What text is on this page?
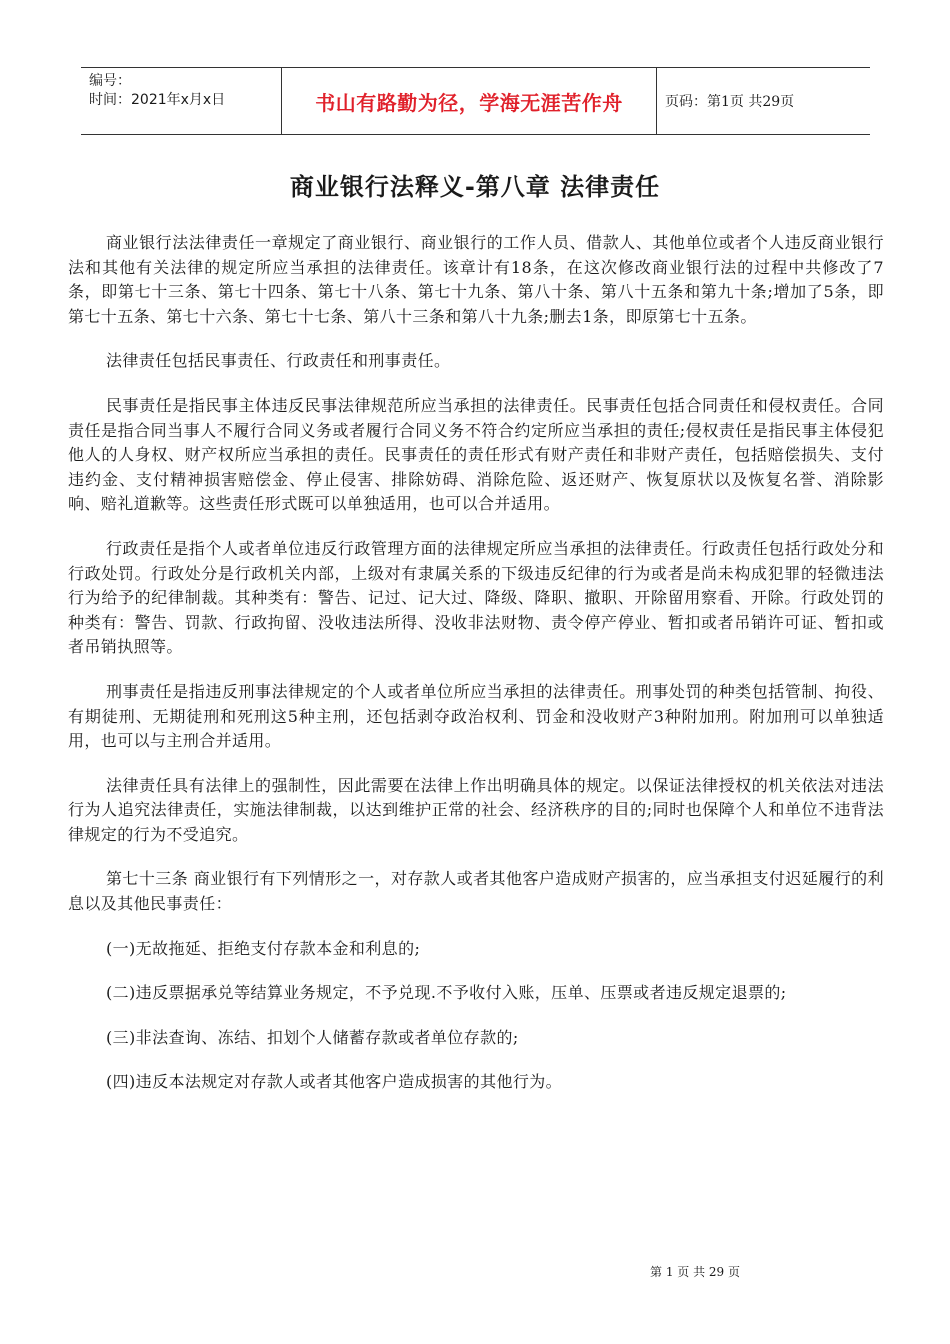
编号：
时间：2021年x月x日	书山有路勤为径，学海无涯苦作舟	页码：第1页 共29页
商业银行法释义-第八章 法律责任

商业银行法法律责任一章规定了商业银行、商业银行的工作人员、借款人、其他单位或者个人违反商业银行法和其他有关法律的规定所应当承担的法律责任。该章计有18条，在这次修改商业银行法的过程中共修改了7条，即第七十三条、第七十四条、第七十八条、第七十九条、第八十条、第八十五条和第九十条;增加了5条，即第七十五条、第七十六条、第七十七条、第八十三条和第八十九条;删去1条，即原第七十五条。

法律责任包括民事责任、行政责任和刑事责任。

民事责任是指民事主体违反民事法律规范所应当承担的法律责任。民事责任包括合同责任和侵权责任。合同责任是指合同当事人不履行合同义务或者履行合同义务不符合约定所应当承担的责任;侵权责任是指民事主体侵犯他人的人身权、财产权所应当承担的责任。民事责任的责任形式有财产责任和非财产责任，包括赔偿损失、支付违约金、支付精神损害赔偿金、停止侵害、排除妨碍、消除危险、返还财产、恢复原状以及恢复名誉、消除影响、赔礼道歉等。这些责任形式既可以单独适用，也可以合并适用。

行政责任是指个人或者单位违反行政管理方面的法律规定所应当承担的法律责任。行政责任包括行政处分和行政处罚。行政处分是行政机关内部，上级对有隶属关系的下级违反纪律的行为或者是尚未构成犯罪的轻微违法行为给予的纪律制裁。其种类有：警告、记过、记大过、降级、降职、撤职、开除留用察看、开除。行政处罚的种类有：警告、罚款、行政拘留、没收违法所得、没收非法财物、责令停产停业、暂扣或者吊销许可证、暂扣或者吊销执照等。

刑事责任是指违反刑事法律规定的个人或者单位所应当承担的法律责任。刑事处罚的种类包括管制、拘役、有期徒刑、无期徒刑和死刑这5种主刑，还包括剥夺政治权利、罚金和没收财产3种附加刑。附加刑可以单独适用，也可以与主刑合并适用。

法律责任具有法律上的强制性，因此需要在法律上作出明确具体的规定。以保证法律授权的机关依法对违法行为人追究法律责任，实施法律制裁，以达到维护正常的社会、经济秩序的目的;同时也保障个人和单位不违背法律规定的行为不受追究。

第七十三条 商业银行有下列情形之一，对存款人或者其他客户造成财产损害的，应当承担支付迟延履行的利息以及其他民事责任：

(一)无故拖延、拒绝支付存款本金和利息的;

(二)违反票据承兑等结算业务规定，不予兑现.不予收付入账，压单、压票或者违反规定退票的;

(三)非法查询、冻结、扣划个人储蓄存款或者单位存款的;

(四)违反本法规定对存款人或者其他客户造成损害的其他行为。

第 1 页 共 29 页
